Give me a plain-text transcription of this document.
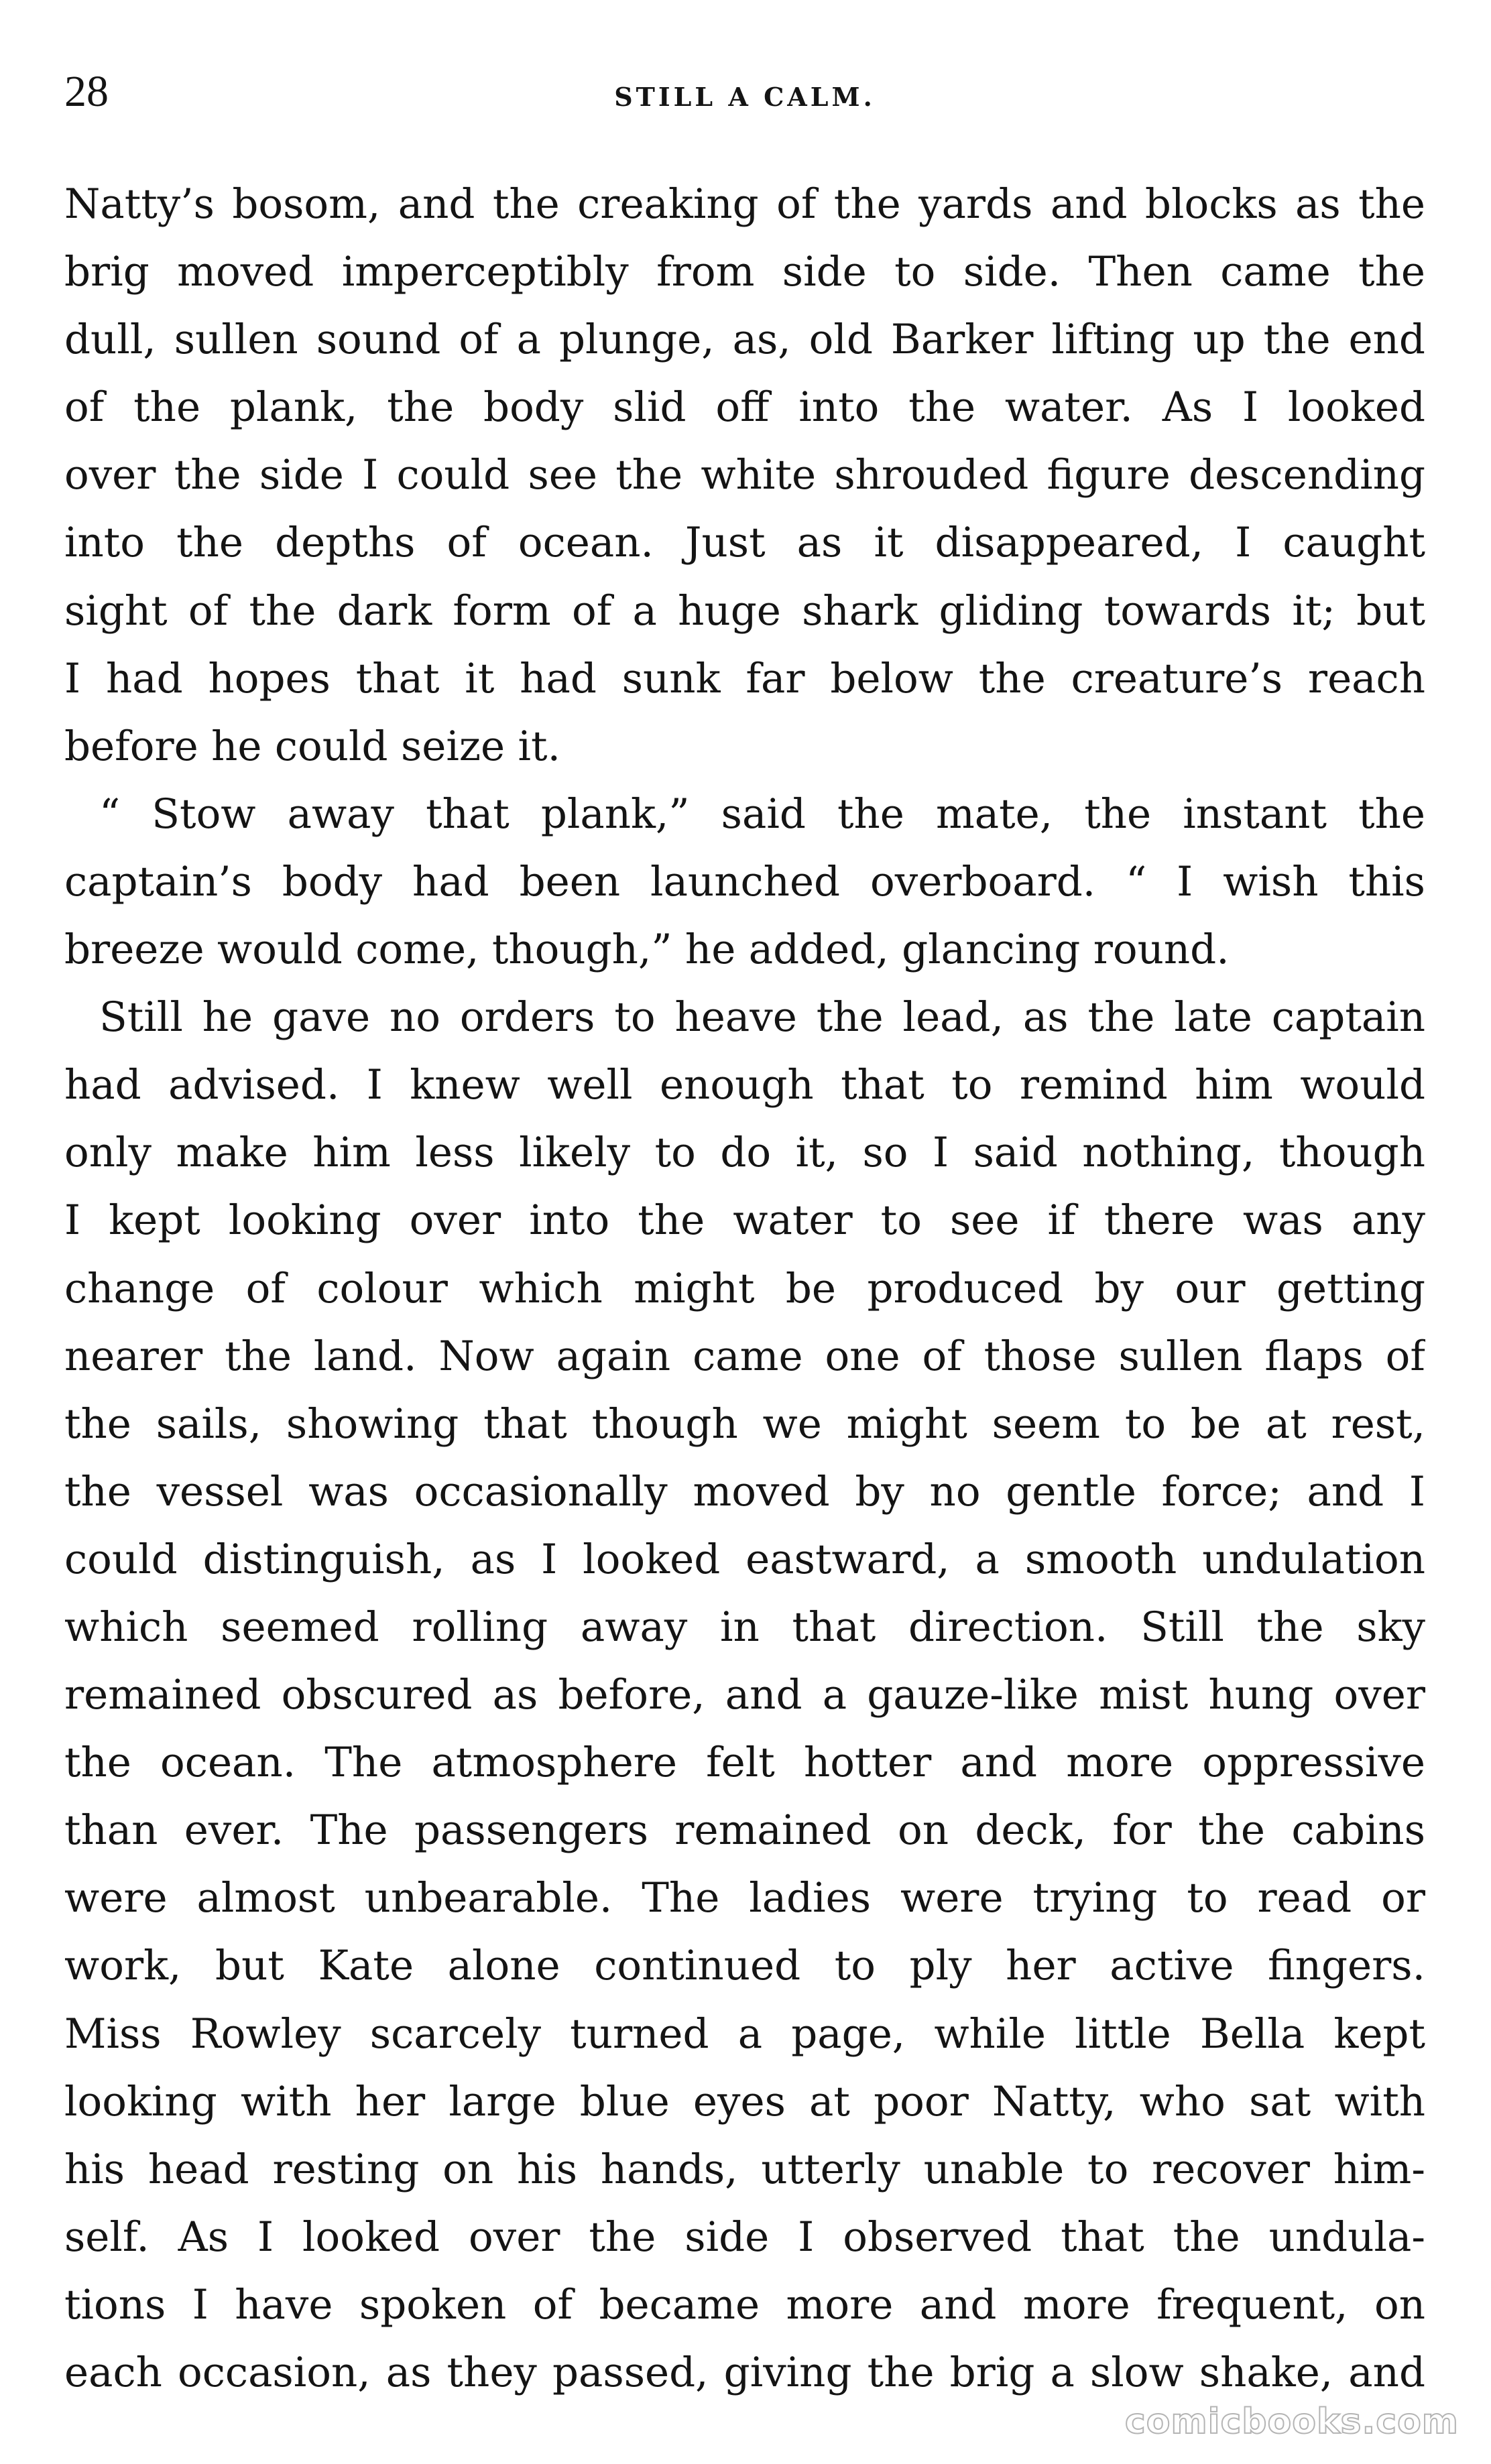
28	STILL A CALM.
Natty’s bosom, and the creaking of the yards and blocks as the
brig moved imperceptibly from side to side. Then came the
dull, sullen sound of a plunge, as, old Barker lifting up the end
of the plank, the body slid off into the water. As I looked
over the side I could see the white shrouded figure descending
into the depths of ocean. Just as it disappeared, I caught
sight of the dark form of a huge shark gliding towards it; but
I had hopes that it had sunk far below the creature’s reach
before he could seize it.
“ Stow away that plank,” said the mate, the instant the
captain’s body had been launched overboard. “ I wish this
breeze would come, though,” he added, glancing round.
Still he gave no orders to heave the lead, as the late captain
had advised. I knew well enough that to remind him would
only make him less likely to do it, so I said nothing, though
I kept looking over into the water to see if there was any
change of colour which might be produced by our getting
nearer the land. Now again came one of those sullen flaps of
the sails, showing that though we might seem to be at rest,
the vessel was occasionally moved by no gentle force; and I
could distinguish, as I looked eastward, a smooth undulation
which seemed rolling away in that direction. Still the sky
remained obscured as before, and a gauze-like mist hung over
the ocean. The atmosphere felt hotter and more oppressive
than ever. The passengers remained on deck, for the cabins
were almost unbearable. The ladies were trying to read or
work, but Kate alone continued to ply her active fingers.
Miss Rowley scarcely turned a page, while little Bella kept
looking with her large blue eyes at poor Natty, who sat with
his head resting on his hands, utterly unable to recover him-
self. As I looked over the side I observed that the undula-
tions I have spoken of became more and more frequent, on
each occasion, as they passed, giving the brig a slow shake, and
comicbooks.com
